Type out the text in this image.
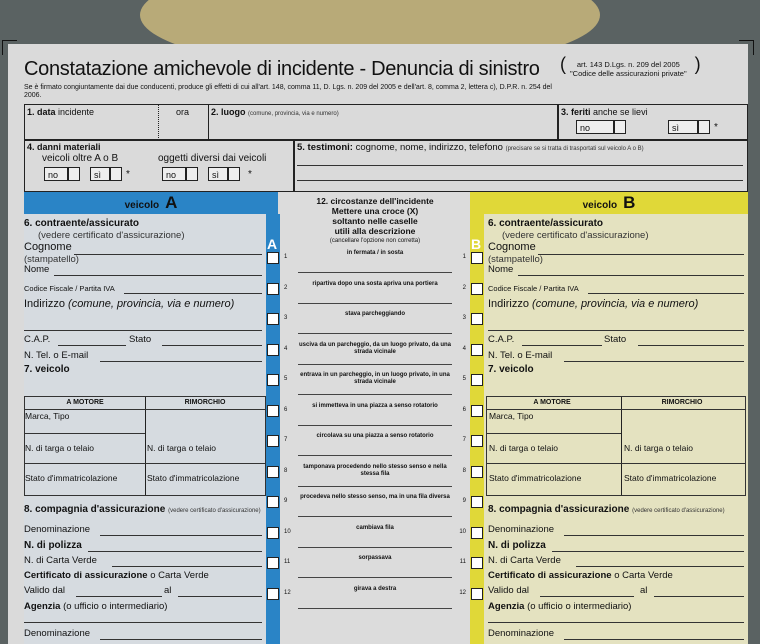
Constatazione amichevole di incidente - Denuncia di sinistro (	art. 143 D.Lgs. n. 209 del 2005
"Codice delle assicurazioni private" )
Se è firmato congiuntamente dai due conducenti, produce gli effetti di cui all'art. 148, comma 11, D. Lgs. n. 209 del 2005 e dell'art. 8, comma 2, lettera c), D.P.R. n. 254 del 2006.
1. data incidente	ora 2. luogo (comune, provincia, via e numero)	3. feriti anche se lievi
no	sì	*
4. danni materiali
veicoli oltre A o B	oggetti diversi dai veicoli
no	sì	*	no	sì	*
5. testimoni: cognome, nome, indirizzo, telefono (precisare se si tratta di trasportati sul veicolo A o B)
veicolo A
6. contraente/assicurato
(vedere certificato d'assicurazione)
Cognome
(stampatello)
Nome
Codice Fiscale / Partita IVA
Indirizzo (comune, provincia, via e numero)
C.A.P.	Stato
N. Tel. o E-mail
7. veicolo
A MOTORE	RIMORCHIO
Marca, Tipo
N. di targa o telaio	N. di targa o telaio
Stato d'immatricolazione	Stato d'immatricolazione
8. compagnia d'assicurazione (vedere certificato d'assicurazione)
Denominazione
N. di polizza
N. di Carta Verde
Certificato di assicurazione o Carta Verde
Valido dal	al
Agenzia (o ufficio o intermediario)
Denominazione
A
12. circostanze dell'incidente
Mettere una croce (X)
soltanto nelle caselle
utili alla descrizione
(cancellare l'opzione non corretta)
1
in fermata / in sosta
1
2
ripartiva dopo una sosta apriva una portiera
2
3
stava parcheggiando
3
4
usciva da un parcheggio, da un luogo privato, da una strada vicinale	4
5
entrava in un parcheggio, in un luogo privato, in una strada vicinale	5
6
si immetteva in una piazza a senso rotatorio
6
7
circolava su una piazza a senso rotatorio
7
8
tamponava procedendo nello stesso senso e nella stessa fila	8
9
procedeva nello stesso senso, ma in una fila diversa
9
10
cambiava fila
10
11
sorpassava
11
12
girava a destra
12
veicolo B
B
6. contraente/assicurato
(vedere certificato d'assicurazione)
Cognome
(stampatello)
Nome
Codice Fiscale / Partita IVA
Indirizzo (comune, provincia, via e numero)
C.A.P.	Stato
N. Tel. o E-mail
7. veicolo
A MOTORE	RIMORCHIO
Marca, Tipo
N. di targa o telaio	N. di targa o telaio
Stato d'immatricolazione	Stato d'immatricolazione
8. compagnia d'assicurazione (vedere certificato d'assicurazione)
Denominazione
N. di polizza
N. di Carta Verde
Certificato di assicurazione o Carta Verde
Valido dal	al
Agenzia (o ufficio o intermediario)
Denominazione
